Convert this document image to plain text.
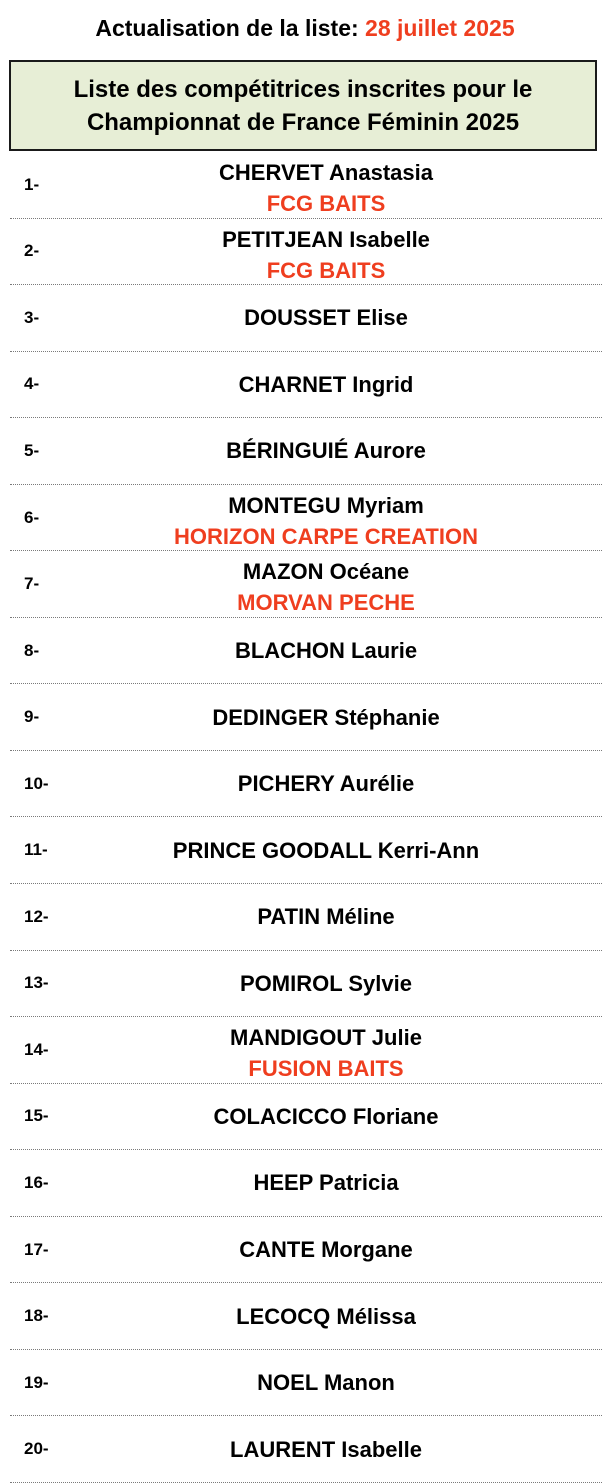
Actualisation de la liste: 28 juillet 2025
Liste des compétitrices inscrites pour le
Championnat de France Féminin 2025
1-	CHERVET Anastasia
FCG BAITS
2-	PETITJEAN Isabelle
FCG BAITS
3-	DOUSSET Elise
4-	CHARNET Ingrid
5-	BÉRINGUIÉ Aurore
6-	MONTEGU Myriam
HORIZON CARPE CREATION
7-	MAZON Océane
MORVAN PECHE
8-	BLACHON Laurie
9-	DEDINGER Stéphanie
10-	PICHERY Aurélie
11-	PRINCE GOODALL Kerri-Ann
12-	PATIN Méline
13-	POMIROL Sylvie
14-	MANDIGOUT Julie
FUSION BAITS
15-	COLACICCO Floriane
16-	HEEP Patricia
17-	CANTE Morgane
18-	LECOCQ Mélissa
19-	NOEL Manon
20-	LAURENT Isabelle
